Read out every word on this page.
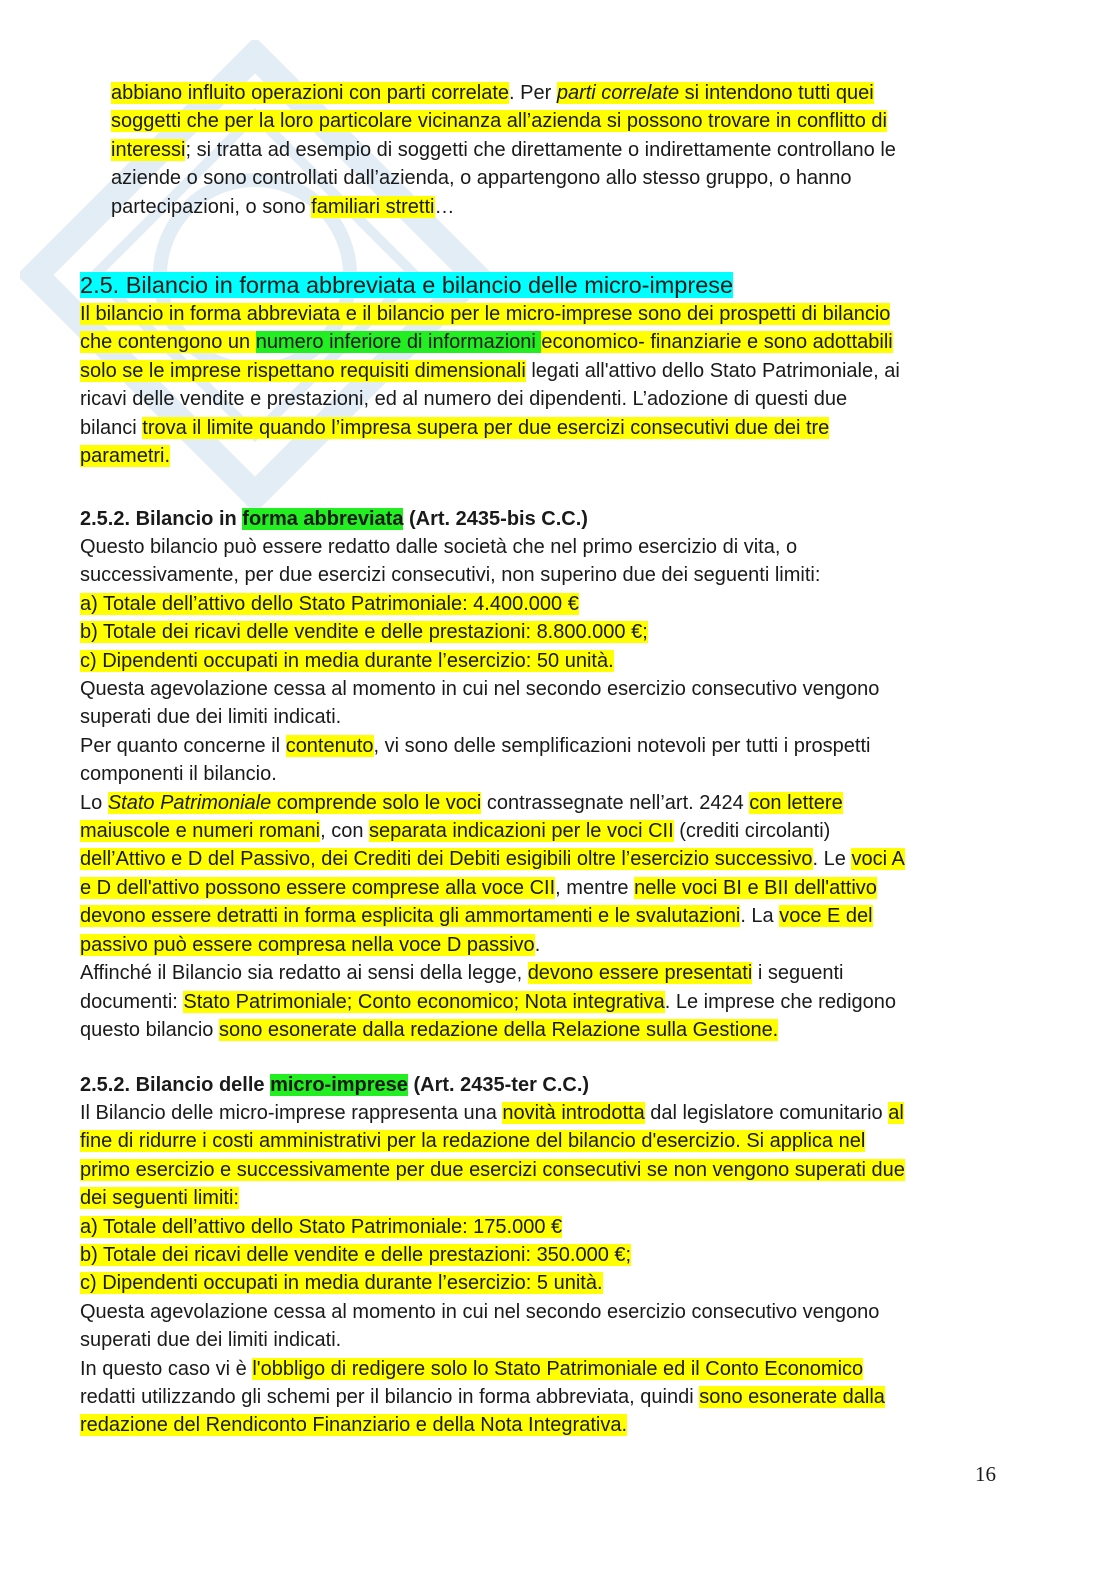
abbiano influito operazioni con parti correlate. Per parti correlate si intendono tutti quei
soggetti che per la loro particolare vicinanza all’azienda si possono trovare in conflitto di
interessi; si tratta ad esempio di soggetti che direttamente o indirettamente controllano le
aziende o sono controllati dall’azienda, o appartengono allo stesso gruppo, o hanno
partecipazioni, o sono familiari stretti…
2.5. Bilancio in forma abbreviata e bilancio delle micro-imprese
Il bilancio in forma abbreviata e il bilancio per le micro-imprese sono dei prospetti di bilancio
che contengono un numero inferiore di informazioni economico- finanziarie e sono adottabili
solo se le imprese rispettano requisiti dimensionali legati all'attivo dello Stato Patrimoniale, ai
ricavi delle vendite e prestazioni, ed al numero dei dipendenti. L’adozione di questi due
bilanci trova il limite quando l’impresa supera per due esercizi consecutivi due dei tre
parametri.
2.5.2. Bilancio in forma abbreviata (Art. 2435-bis C.C.)
Questo bilancio può essere redatto dalle società che nel primo esercizio di vita, o
successivamente, per due esercizi consecutivi, non superino due dei seguenti limiti:
a) Totale dell’attivo dello Stato Patrimoniale: 4.400.000 €
b) Totale dei ricavi delle vendite e delle prestazioni: 8.800.000 €;
c) Dipendenti occupati in media durante l’esercizio: 50 unità.
Questa agevolazione cessa al momento in cui nel secondo esercizio consecutivo vengono
superati due dei limiti indicati.
Per quanto concerne il contenuto, vi sono delle semplificazioni notevoli per tutti i prospetti
componenti il bilancio.
Lo Stato Patrimoniale comprende solo le voci contrassegnate nell’art. 2424 con lettere
maiuscole e numeri romani, con separata indicazioni per le voci CII (crediti circolanti)
dell’Attivo e D del Passivo, dei Crediti dei Debiti esigibili oltre l’esercizio successivo. Le voci A
e D dell'attivo possono essere comprese alla voce CII, mentre nelle voci BI e BII dell'attivo
devono essere detratti in forma esplicita gli ammortamenti e le svalutazioni. La voce E del
passivo può essere compresa nella voce D passivo.
Affinché il Bilancio sia redatto ai sensi della legge, devono essere presentati i seguenti
documenti: Stato Patrimoniale; Conto economico; Nota integrativa. Le imprese che redigono
questo bilancio sono esonerate dalla redazione della Relazione sulla Gestione.
2.5.2. Bilancio delle micro-imprese (Art. 2435-ter C.C.)
Il Bilancio delle micro-imprese rappresenta una novità introdotta dal legislatore comunitario al
fine di ridurre i costi amministrativi per la redazione del bilancio d'esercizio. Si applica nel
primo esercizio e successivamente per due esercizi consecutivi se non vengono superati due
dei seguenti limiti:
a) Totale dell’attivo dello Stato Patrimoniale: 175.000 €
b) Totale dei ricavi delle vendite e delle prestazioni: 350.000 €;
c) Dipendenti occupati in media durante l’esercizio: 5 unità.
Questa agevolazione cessa al momento in cui nel secondo esercizio consecutivo vengono
superati due dei limiti indicati.
In questo caso vi è l'obbligo di redigere solo lo Stato Patrimoniale ed il Conto Economico
redatti utilizzando gli schemi per il bilancio in forma abbreviata, quindi sono esonerate dalla
redazione del Rendiconto Finanziario e della Nota Integrativa.
16
